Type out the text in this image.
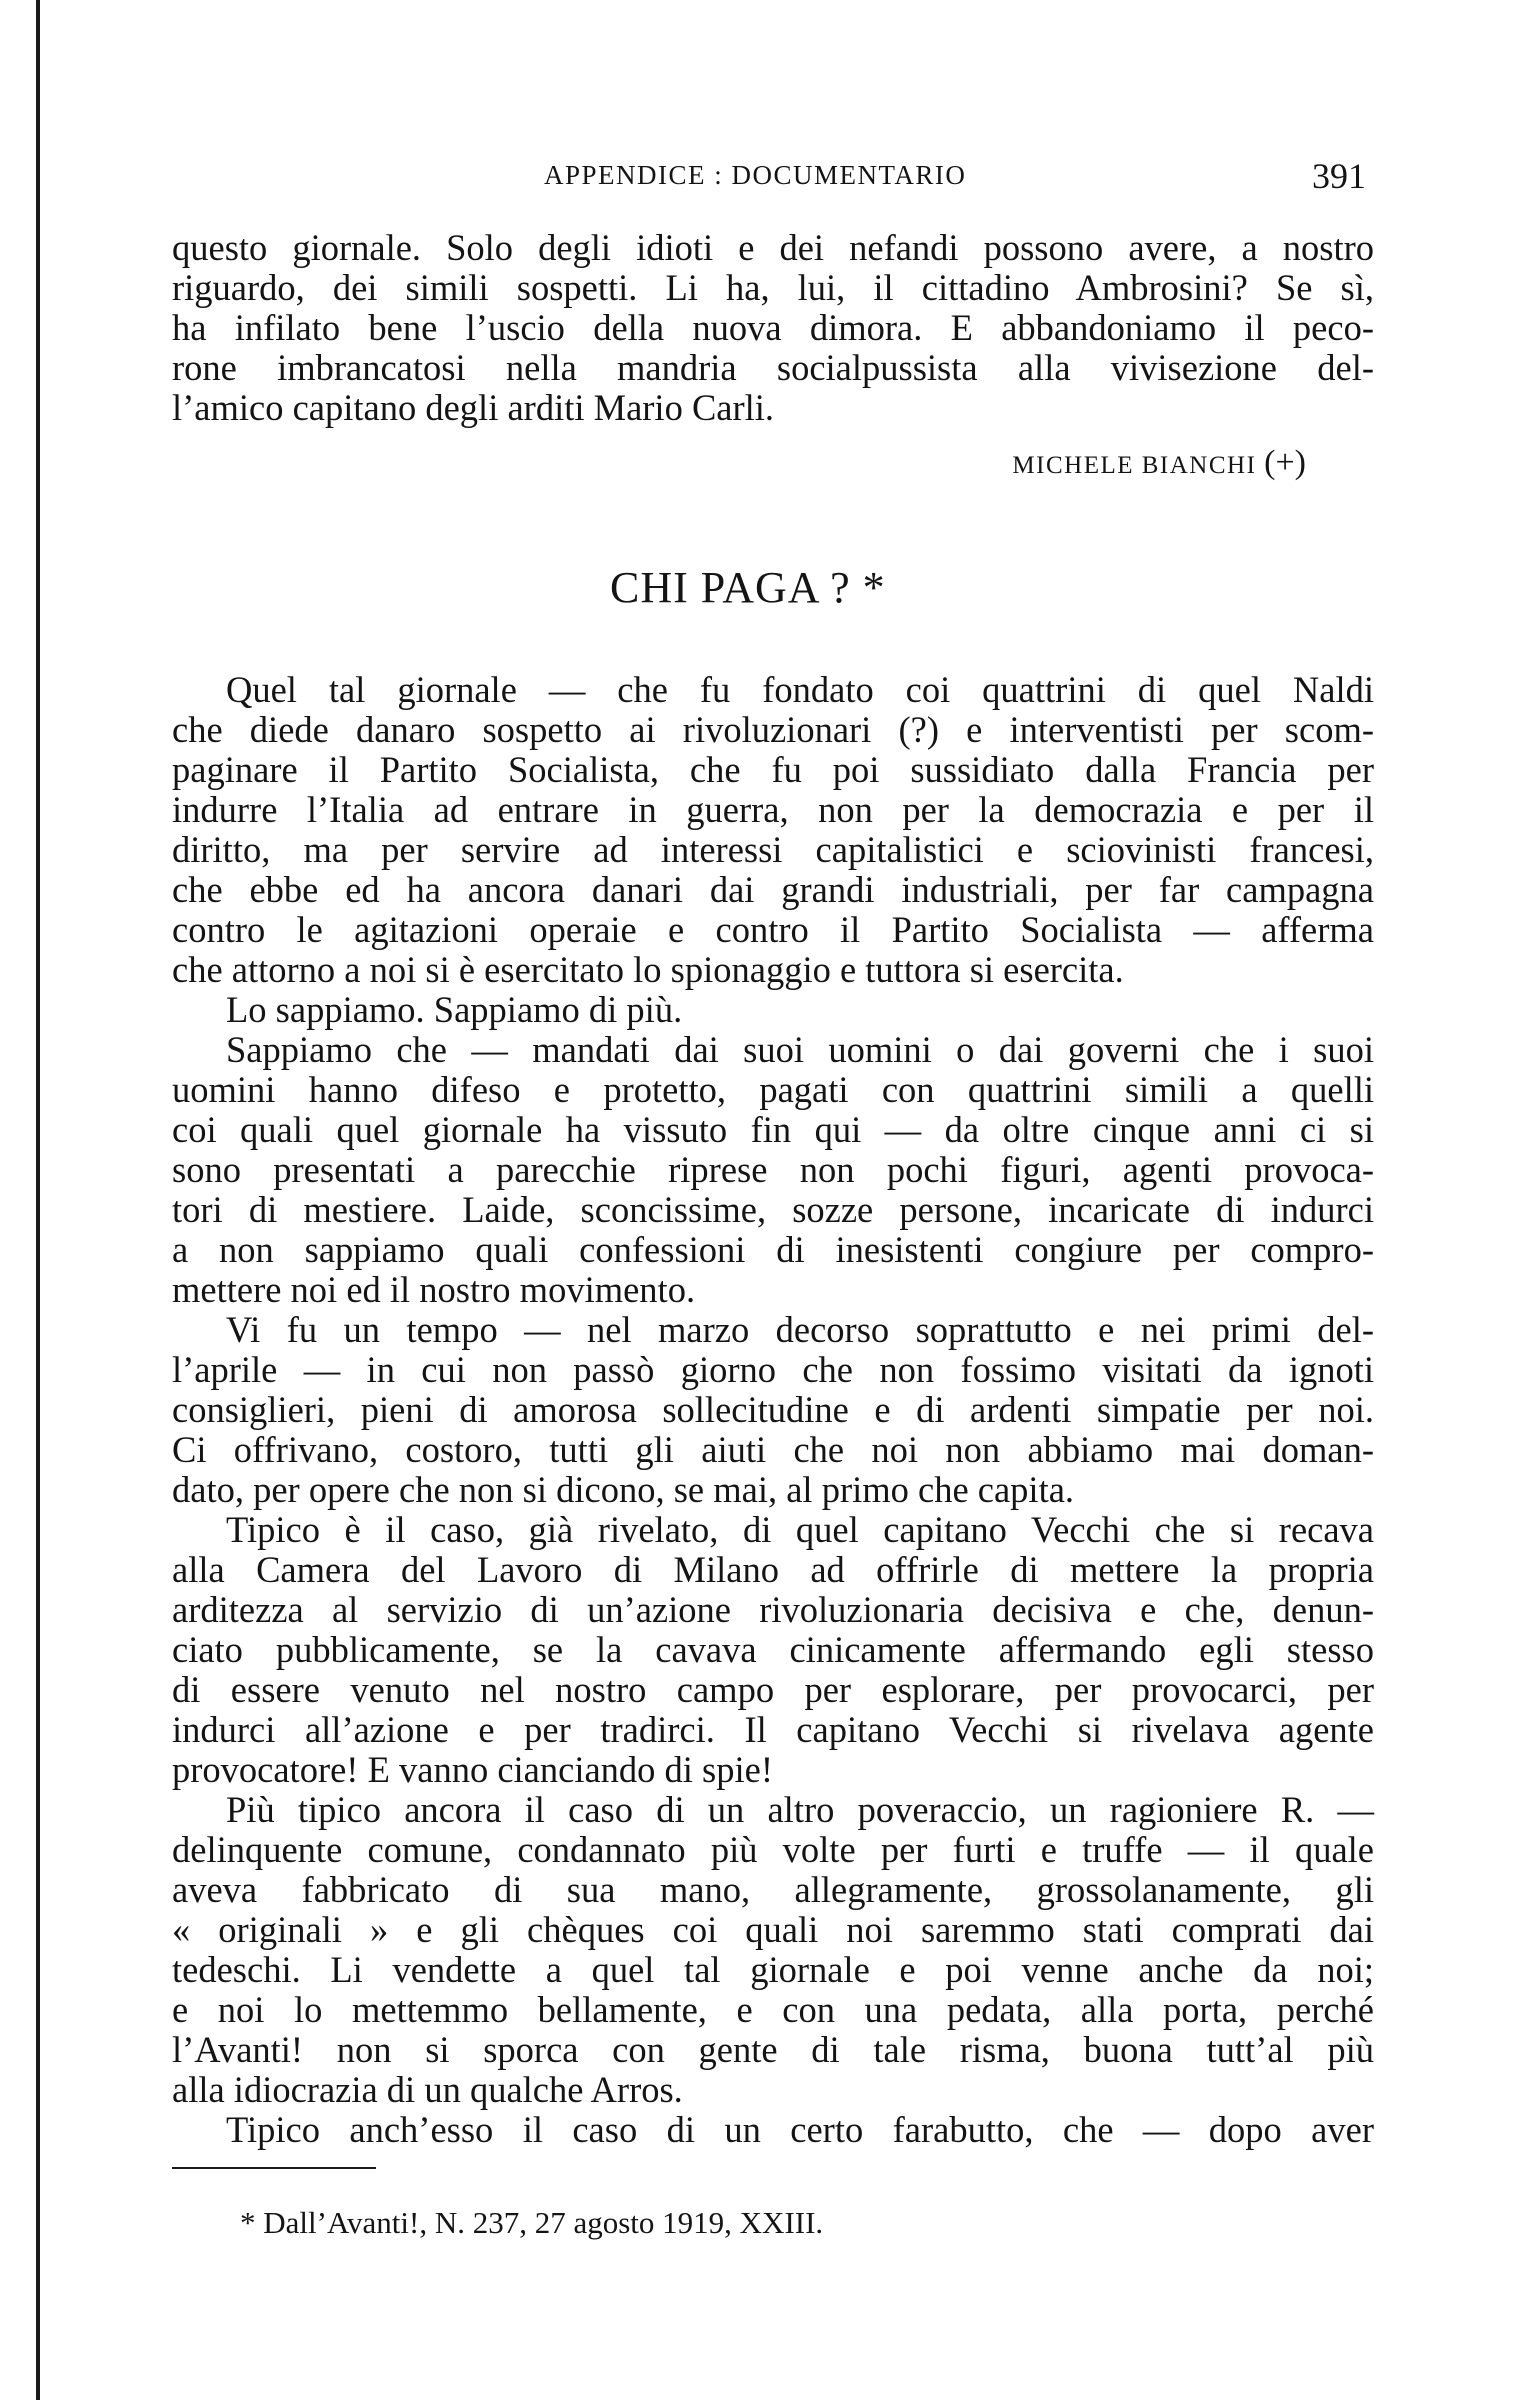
APPENDICE : DOCUMENTARIO	391
questo giornale. Solo degli idioti e dei nefandi possono avere, a nostro
riguardo, dei simili sospetti. Li ha, lui, il cittadino Ambrosini? Se sì,
ha infilato bene l’uscio della nuova dimora. E abbandoniamo il peco-
rone imbrancatosi nella mandria socialpussista alla vivisezione del-
l’amico capitano degli arditi Mario Carli.
MICHELE BIANCHI (+)
CHI PAGA ? *
Quel tal giornale — che fu fondato coi quattrini di quel Naldi
che diede danaro sospetto ai rivoluzionari (?) e interventisti per scom-
paginare il Partito Socialista, che fu poi sussidiato dalla Francia per
indurre l’Italia ad entrare in guerra, non per la democrazia e per il
diritto, ma per servire ad interessi capitalistici e sciovinisti francesi,
che ebbe ed ha ancora danari dai grandi industriali, per far campagna
contro le agitazioni operaie e contro il Partito Socialista — afferma
che attorno a noi si è esercitato lo spionaggio e tuttora si esercita.
Lo sappiamo. Sappiamo di più.
Sappiamo che — mandati dai suoi uomini o dai governi che i suoi
uomini hanno difeso e protetto, pagati con quattrini simili a quelli
coi quali quel giornale ha vissuto fin qui — da oltre cinque anni ci si
sono presentati a parecchie riprese non pochi figuri, agenti provoca-
tori di mestiere. Laide, sconcissime, sozze persone, incaricate di indurci
a non sappiamo quali confessioni di inesistenti congiure per compro-
mettere noi ed il nostro movimento.
Vi fu un tempo — nel marzo decorso soprattutto e nei primi del-
l’aprile — in cui non passò giorno che non fossimo visitati da ignoti
consiglieri, pieni di amorosa sollecitudine e di ardenti simpatie per noi.
Ci offrivano, costoro, tutti gli aiuti che noi non abbiamo mai doman-
dato, per opere che non si dicono, se mai, al primo che capita.
Tipico è il caso, già rivelato, di quel capitano Vecchi che si recava
alla Camera del Lavoro di Milano ad offrirle di mettere la propria
arditezza al servizio di un’azione rivoluzionaria decisiva e che, denun-
ciato pubblicamente, se la cavava cinicamente affermando egli stesso
di essere venuto nel nostro campo per esplorare, per provocarci, per
indurci all’azione e per tradirci. Il capitano Vecchi si rivelava agente
provocatore! E vanno cianciando di spie!
Più tipico ancora il caso di un altro poveraccio, un ragioniere R. —
delinquente comune, condannato più volte per furti e truffe — il quale
aveva fabbricato di sua mano, allegramente, grossolanamente, gli
« originali » e gli chèques coi quali noi saremmo stati comprati dai
tedeschi. Li vendette a quel tal giornale e poi venne anche da noi;
e noi lo mettemmo bellamente, e con una pedata, alla porta, perché
l’Avanti! non si sporca con gente di tale risma, buona tutt’al più
alla idiocrazia di un qualche Arros.
Tipico anch’esso il caso di un certo farabutto, che — dopo aver
* Dall’Avanti!, N. 237, 27 agosto 1919, XXIII.
